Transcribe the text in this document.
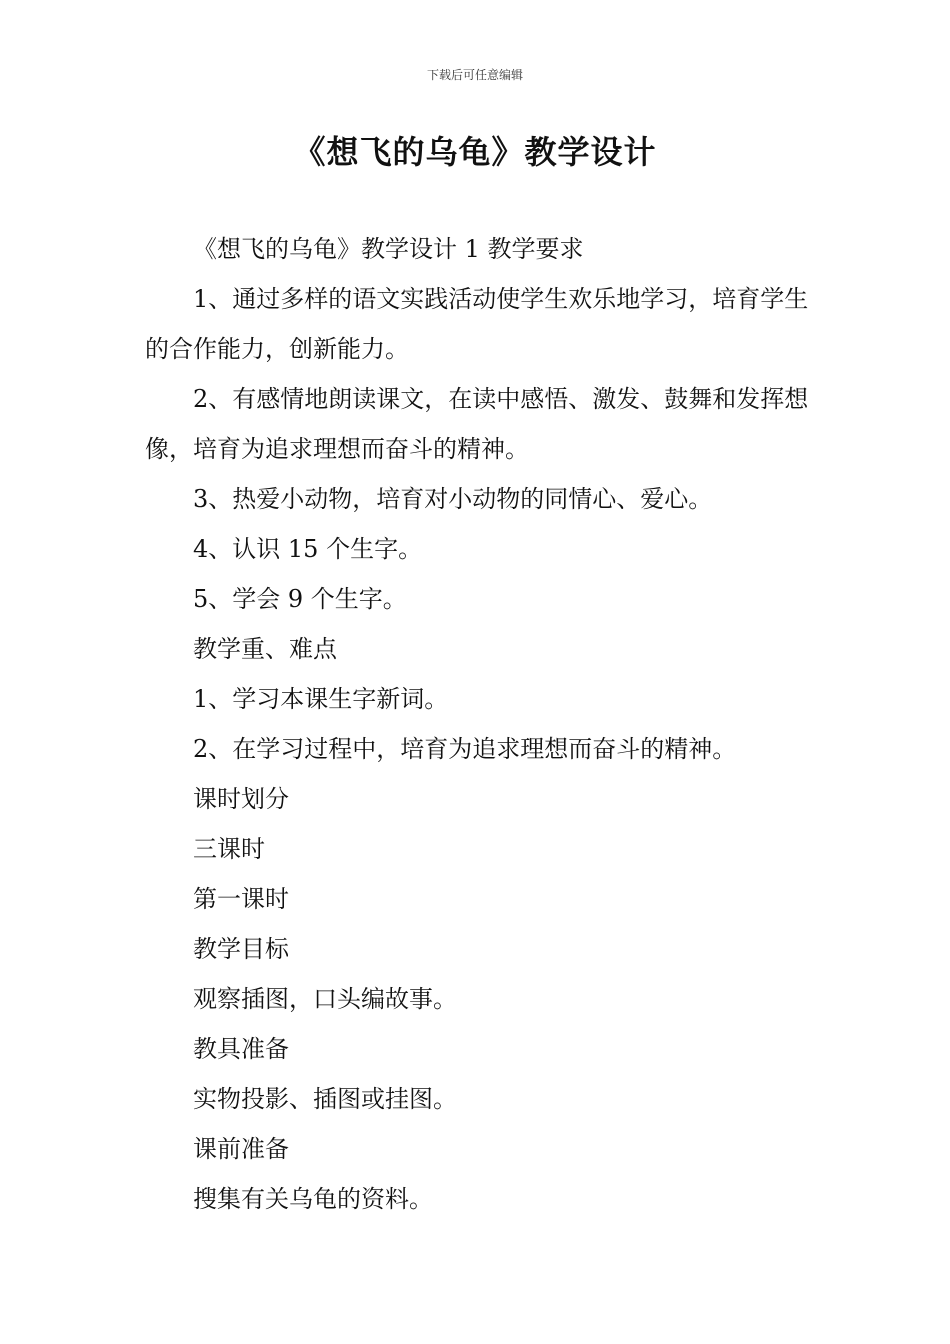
下载后可任意编辑
《想飞的乌龟》教学设计

《想飞的乌龟》教学设计 1 教学要求

1、通过多样的语文实践活动使学生欢乐地学习，培育学生的合作能力，创新能力。

2、有感情地朗读课文，在读中感悟、激发、鼓舞和发挥想像，培育为追求理想而奋斗的精神。

3、热爱小动物，培育对小动物的同情心、爱心。

4、认识 15 个生字。

5、学会 9 个生字。

教学重、难点

1、学习本课生字新词。

2、在学习过程中，培育为追求理想而奋斗的精神。

课时划分

三课时

第一课时

教学目标

观察插图，口头编故事。

教具准备

实物投影、插图或挂图。

课前准备

搜集有关乌龟的资料。
